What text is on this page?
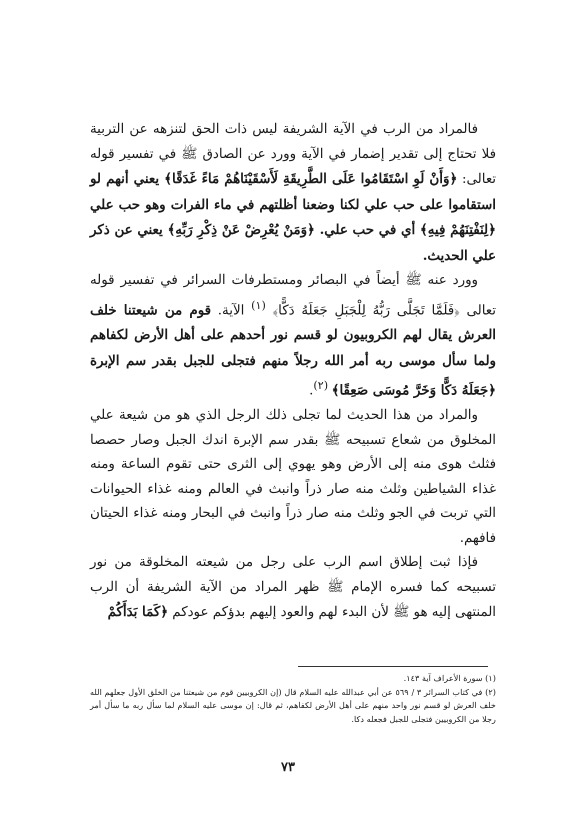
فالمراد من الرب في الآية الشريفة ليس ذات الحق لتنزهه عن التربية فلا تحتاج إلى تقدير إضمار في الآية وورد عن الصادق ﷺ في تفسير قوله تعالى: ﴿وَأَنْ لَوِ اسْتَقَامُوا عَلَى الطَّرِيقَةِ لَأَسْقَيْنَاهُمْ مَاءً غَدَقًا﴾ يعني أنهم لو استقاموا على حب علي لكنا وضعنا أظلتهم في ماء الفرات وهو حب علي ﴿لِنَفْتِنَهُمْ فِيهِ﴾ أي في حب علي. ﴿وَمَنْ يُعْرِضْ عَنْ ذِكْرِ رَبِّهِ﴾ يعني عن ذكر علي الحديث.

وورد عنه ﷺ أيضاً في البصائر ومستطرفات السرائر في تفسير قوله تعالى ﴿فَلَمَّا تَجَلَّى رَبُّهُ لِلْجَبَلِ جَعَلَهُ دَكًّا﴾ $^{(١)}$ الآية. قوم من شيعتنا خلف العرش يقال لهم الكروبيون لو قسم نور أحدهم على أهل الأرض لكفاهم ولما سأل موسى ربه أمر الله رجلاً منهم فتجلى للجبل بقدر سم الإبرة ﴿جَعَلَهُ دَكًّا وَخَرَّ مُوسَى صَعِقًا﴾ $^{(٢)}$.

والمراد من هذا الحديث لما تجلى ذلك الرجل الذي هو من شيعة علي المخلوق من شعاع تسبيحه ﷺ بقدر سم الإبرة اندك الجبل وصار حصصا فثلث هوى منه إلى الأرض وهو يهوي إلى الثرى حتى تقوم الساعة ومنه غذاء الشياطين وثلث منه صار ذراً وانبث في العالم ومنه غذاء الحيوانات التي تربت في الجو وثلث منه صار ذراً وانبث في البحار ومنه غذاء الحيتان فافهم.

فإذا ثبت إطلاق اسم الرب على رجل من شيعته المخلوقة من نور تسبيحه كما فسره الإمام ﷺ ظهر المراد من الآية الشريفة أن الرب المنتهى إليه هو ﷺ لأن البدء لهم والعود إليهم بدؤكم عودكم ﴿كَمَا بَدَأَكُمْ

(١) سورة الأعراف آية ١٤٣.

(٢) في كتاب السرائر ٣ / ٥٦٩ عن أبي عبدالله عليه السلام قال (إن الكروبيين قوم من شيعتنا من الخلق الأول جعلهم الله خلف العرش لو قسم نور واحد منهم على أهل الأرض لكفاهم، ثم قال: إن موسى عليه السلام لما سأل ربه ما سأل أمر رجلا من الكروبيين فتجلى للجبل فجعله دكا.

٧٣
